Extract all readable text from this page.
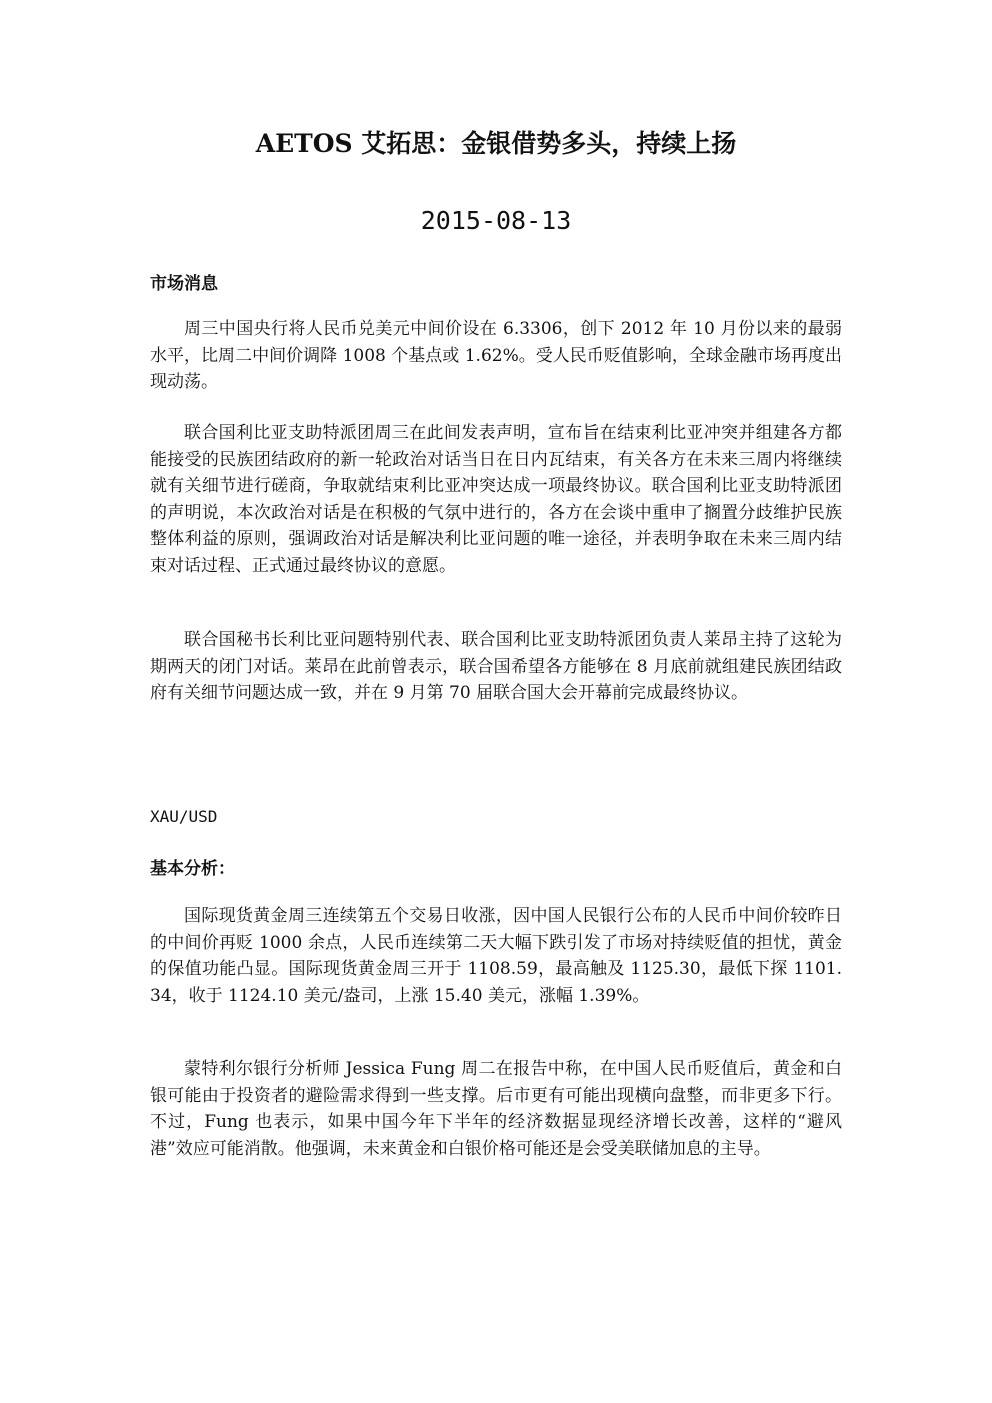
AETOS 艾拓思：金银借势多头，持续上扬
2015-08-13
市场消息

周三中国央行将人民币兑美元中间价设在 6.3306，创下 2012 年 10 月份以来的最弱水平，比周二中间价调降 1008 个基点或 1.62%。受人民币贬值影响，全球金融市场再度出现动荡。

联合国利比亚支助特派团周三在此间发表声明，宣布旨在结束利比亚冲突并组建各方都能接受的民族团结政府的新一轮政治对话当日在日内瓦结束，有关各方在未来三周内将继续就有关细节进行磋商，争取就结束利比亚冲突达成一项最终协议。联合国利比亚支助特派团的声明说，本次政治对话是在积极的气氛中进行的，各方在会谈中重申了搁置分歧维护民族整体利益的原则，强调政治对话是解决利比亚问题的唯一途径，并表明争取在未来三周内结束对话过程、正式通过最终协议的意愿。

联合国秘书长利比亚问题特别代表、联合国利比亚支助特派团负责人莱昂主持了这轮为期两天的闭门对话。莱昂在此前曾表示，联合国希望各方能够在 8 月底前就组建民族团结政府有关细节问题达成一致，并在 9 月第 70 届联合国大会开幕前完成最终协议。

XAU/USD
基本分析：

国际现货黄金周三连续第五个交易日收涨，因中国人民银行公布的人民币中间价较昨日的中间价再贬 1000 余点，人民币连续第二天大幅下跌引发了市场对持续贬值的担忧，黄金的保值功能凸显。国际现货黄金周三开于 1108.59，最高触及 1125.30，最低下探 1101.34，收于 1124.10 美元/盎司，上涨 15.40 美元，涨幅 1.39%。

蒙特利尔银行分析师 Jessica Fung 周二在报告中称，在中国人民币贬值后，黄金和白银可能由于投资者的避险需求得到一些支撑。后市更有可能出现横向盘整，而非更多下行。不过，Fung 也表示，如果中国今年下半年的经济数据显现经济增长改善，这样的“避风港”效应可能消散。他强调，未来黄金和白银价格可能还是会受美联储加息的主导。
